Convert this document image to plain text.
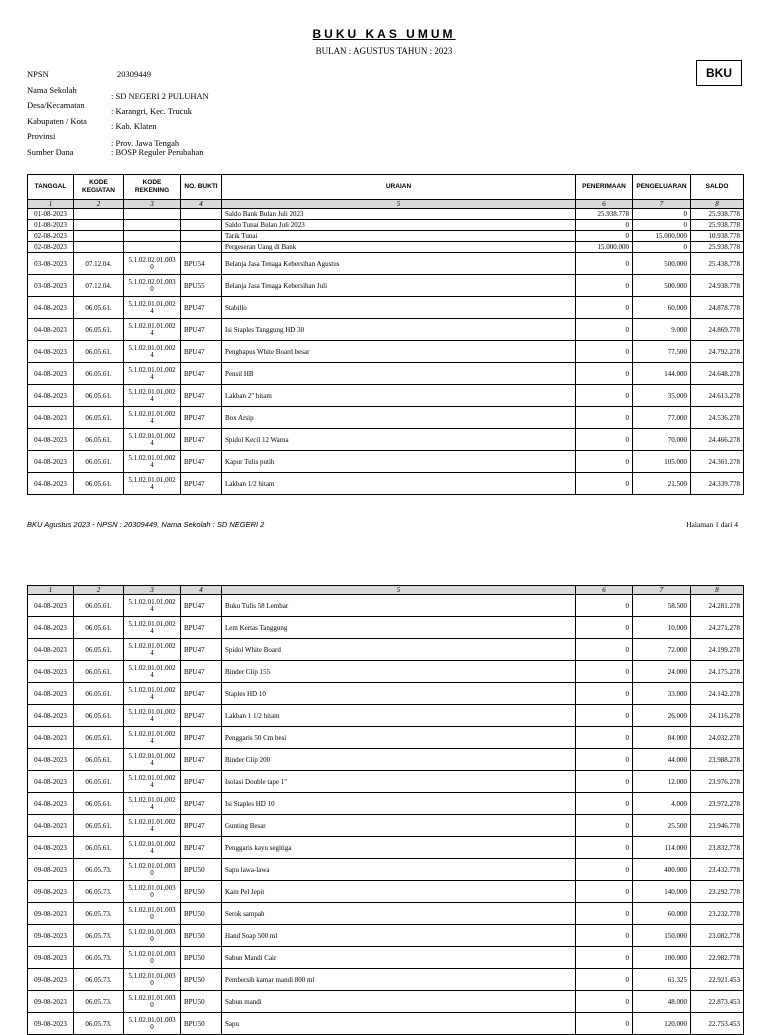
BUKU KAS UMUM
BULAN : AGUSTUS TAHUN : 2023
BKU
NPSN	20309449
Nama Sekolah
: SD NEGERI 2 PULUHAN
Desa/Kecamatan
: Karangri, Kec. Trucuk
Kabupaten / Kota	: Kab. Klaten
Provinsi
: Prov. Jawa Tengah
Sumber Dana	: BOSP Reguler Perubahan
TANGGAL	KODE KEGIATAN	KODE REKENING	NO. BUKTI	URAIAN	PENERIMAAN	PENGELUARAN	SALDO
1	2	3	4	5	6	7	8
01-08-2023				Saldo Bank Bulan Juli 2023	25.938.778	0	25.938.778
01-08-2023				Saldo Tunai Bulan Juli 2023	0	0	25.938.778
02-08-2023				Tarik Tunai	0	15.000.000	10.938.778
02-08-2023				Pergeseran Uang di Bank	15.000.000	0	25.938.778
03-08-2023	07.12.04.	5.1.02.02.01.0030	BPU54	Belanja Jasa Tenaga Kebersihan Agustus	0	500.000	25.438.778
03-08-2023	07.12.04.	5.1.02.02.01.0030	BPU55	Belanja Jasa Tenaga Kebersihan Juli	0	500.000	24.938.778
04-08-2023	06.05.61.	5.1.02.01.01.0024	BPU47	Stabillo	0	60.000	24.878.778
04-08-2023	06.05.61.	5.1.02.01.01.0024	BPU47	Isi Staples Tanggung HD 30	0	9.000	24.869.778
04-08-2023	06.05.61.	5.1.02.01.01.0024	BPU47	Penghapus White Board besar	0	77.500	24.792.278
04-08-2023	06.05.61.	5.1.02.01.01.0024	BPU47	Pensil HB	0	144.000	24.648.278
04-08-2023	06.05.61.	5.1.02.01.01.0024	BPU47	Lakban 2" hitam	0	35.000	24.613.278
04-08-2023	06.05.61.	5.1.02.01.01.0024	BPU47	Box Arsip	0	77.000	24.536.278
04-08-2023	06.05.61.	5.1.02.01.01.0024	BPU47	Spidol Kecil 12 Warna	0	70.000	24.466.278
04-08-2023	06.05.61.	5.1.02.01.01.0024	BPU47	Kapur Tulis putih	0	105.000	24.361.278
04-08-2023	06.05.61.	5.1.02.01.01.0024	BPU47	Lakban 1/2 hitam	0	21.500	24.339.778
BKU Agustus 2023 - NPSN : 20309449, Nama Sekolah : SD NEGERI 2	Halaman 1 dari 4
1	2	3	4	5	6	7	8
04-08-2023	06.05.61.	5.1.02.01.01.0024	BPU47	Buku Tulis 58 Lembar	0	58.500	24.281.278
04-08-2023	06.05.61.	5.1.02.01.01.0024	BPU47	Lem Kertas Tanggung	0	10.000	24.271.278
04-08-2023	06.05.61.	5.1.02.01.01.0024	BPU47	Spidol White Board	0	72.000	24.199.278
04-08-2023	06.05.61.	5.1.02.01.01.0024	BPU47	Binder Clip 155	0	24.000	24.175.278
04-08-2023	06.05.61.	5.1.02.01.01.0024	BPU47	Staples HD 10	0	33.000	24.142.278
04-08-2023	06.05.61.	5.1.02.01.01.0024	BPU47	Lakban 1 1/2 hitam	0	26.000	24.116.278
04-08-2023	06.05.61.	5.1.02.01.01.0024	BPU47	Penggaris 50 Cm besi	0	84.000	24.032.278
04-08-2023	06.05.61.	5.1.02.01.01.0024	BPU47	Binder Clip 200	0	44.000	23.988.278
04-08-2023	06.05.61.	5.1.02.01.01.0024	BPU47	Isolasi Double tape 1"	0	12.000	23.976.278
04-08-2023	06.05.61.	5.1.02.01.01.0024	BPU47	Isi Staples HD 10	0	4.000	23.972.278
04-08-2023	06.05.61.	5.1.02.01.01.0024	BPU47	Gunting Besar	0	25.500	23.946.778
04-08-2023	06.05.61.	5.1.02.01.01.0024	BPU47	Penggaris kayu segitiga	0	114.000	23.832.778
09-08-2023	06.05.73.	5.1.02.01.01.0030	BPU50	Sapu lawa-lawa	0	400.000	23.432.778
09-08-2023	06.05.73.	5.1.02.01.01.0030	BPU50	Kain Pel Jepit	0	140.000	23.292.778
09-08-2023	06.05.73.	5.1.02.01.01.0030	BPU50	Serok sampah	0	60.000	23.232.778
09-08-2023	06.05.73.	5.1.02.01.01.0030	BPU50	Hand Soap 500 ml	0	150.000	23.082.778
09-08-2023	06.05.73.	5.1.02.01.01.0030	BPU50	Sabun Mandi Cair	0	100.000	22.982.778
09-08-2023	06.05.73.	5.1.02.01.01.0030	BPU50	Pembersih kamar mandi 800 ml	0	61.325	22.921.453
09-08-2023	06.05.73.	5.1.02.01.01.0030	BPU50	Sabun mandi	0	48.000	22.873.453
09-08-2023	06.05.73.	5.1.02.01.01.0030	BPU50	Sapu	0	120.000	22.753.453
